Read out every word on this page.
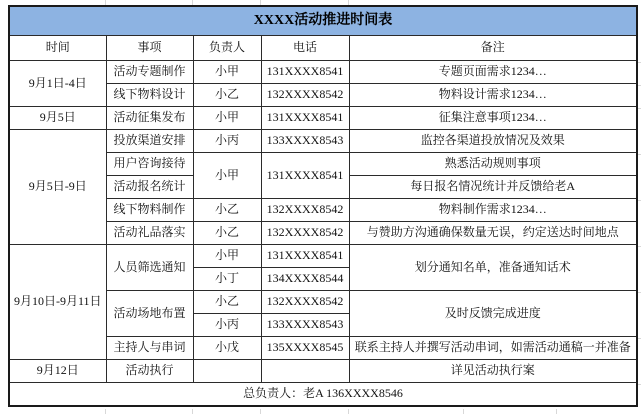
XXXX活动推进时间表				
时间	事项	负责人	电话	备注
9月1日-4日	活动专题制作	小甲	131XXXX8541	专题页面需求1234…
	线下物料设计	小乙	132XXXX8542	物料设计需求1234…
9月5日	活动征集发布	小甲	131XXXX8541	征集注意事项1234…
9月5日-9日	投放渠道安排	小丙	133XXXX8543	监控各渠道投放情况及效果
	用户咨询接待	小甲	131XXXX8541	熟悉活动规则事项
	活动报名统计			每日报名情况统计并反馈给老A
	线下物料制作	小乙	132XXXX8542	物料制作需求1234…
	活动礼品落实	小乙	132XXXX8542	与赞助方沟通确保数量无误，约定送达时间地点
9月10日-9月11日	人员筛选通知	小甲	131XXXX8541	划分通知名单，准备通知话术
		小丁	134XXXX8544	
	活动场地布置	小乙	132XXXX8542	及时反馈完成进度
		小丙	133XXXX8543	
	主持人与串词	小戊	135XXXX8545	联系主持人并撰写活动串词，如需活动通稿一并准备
9月12日	活动执行			详见活动执行案
总负责人：老A 136XXXX8546				
